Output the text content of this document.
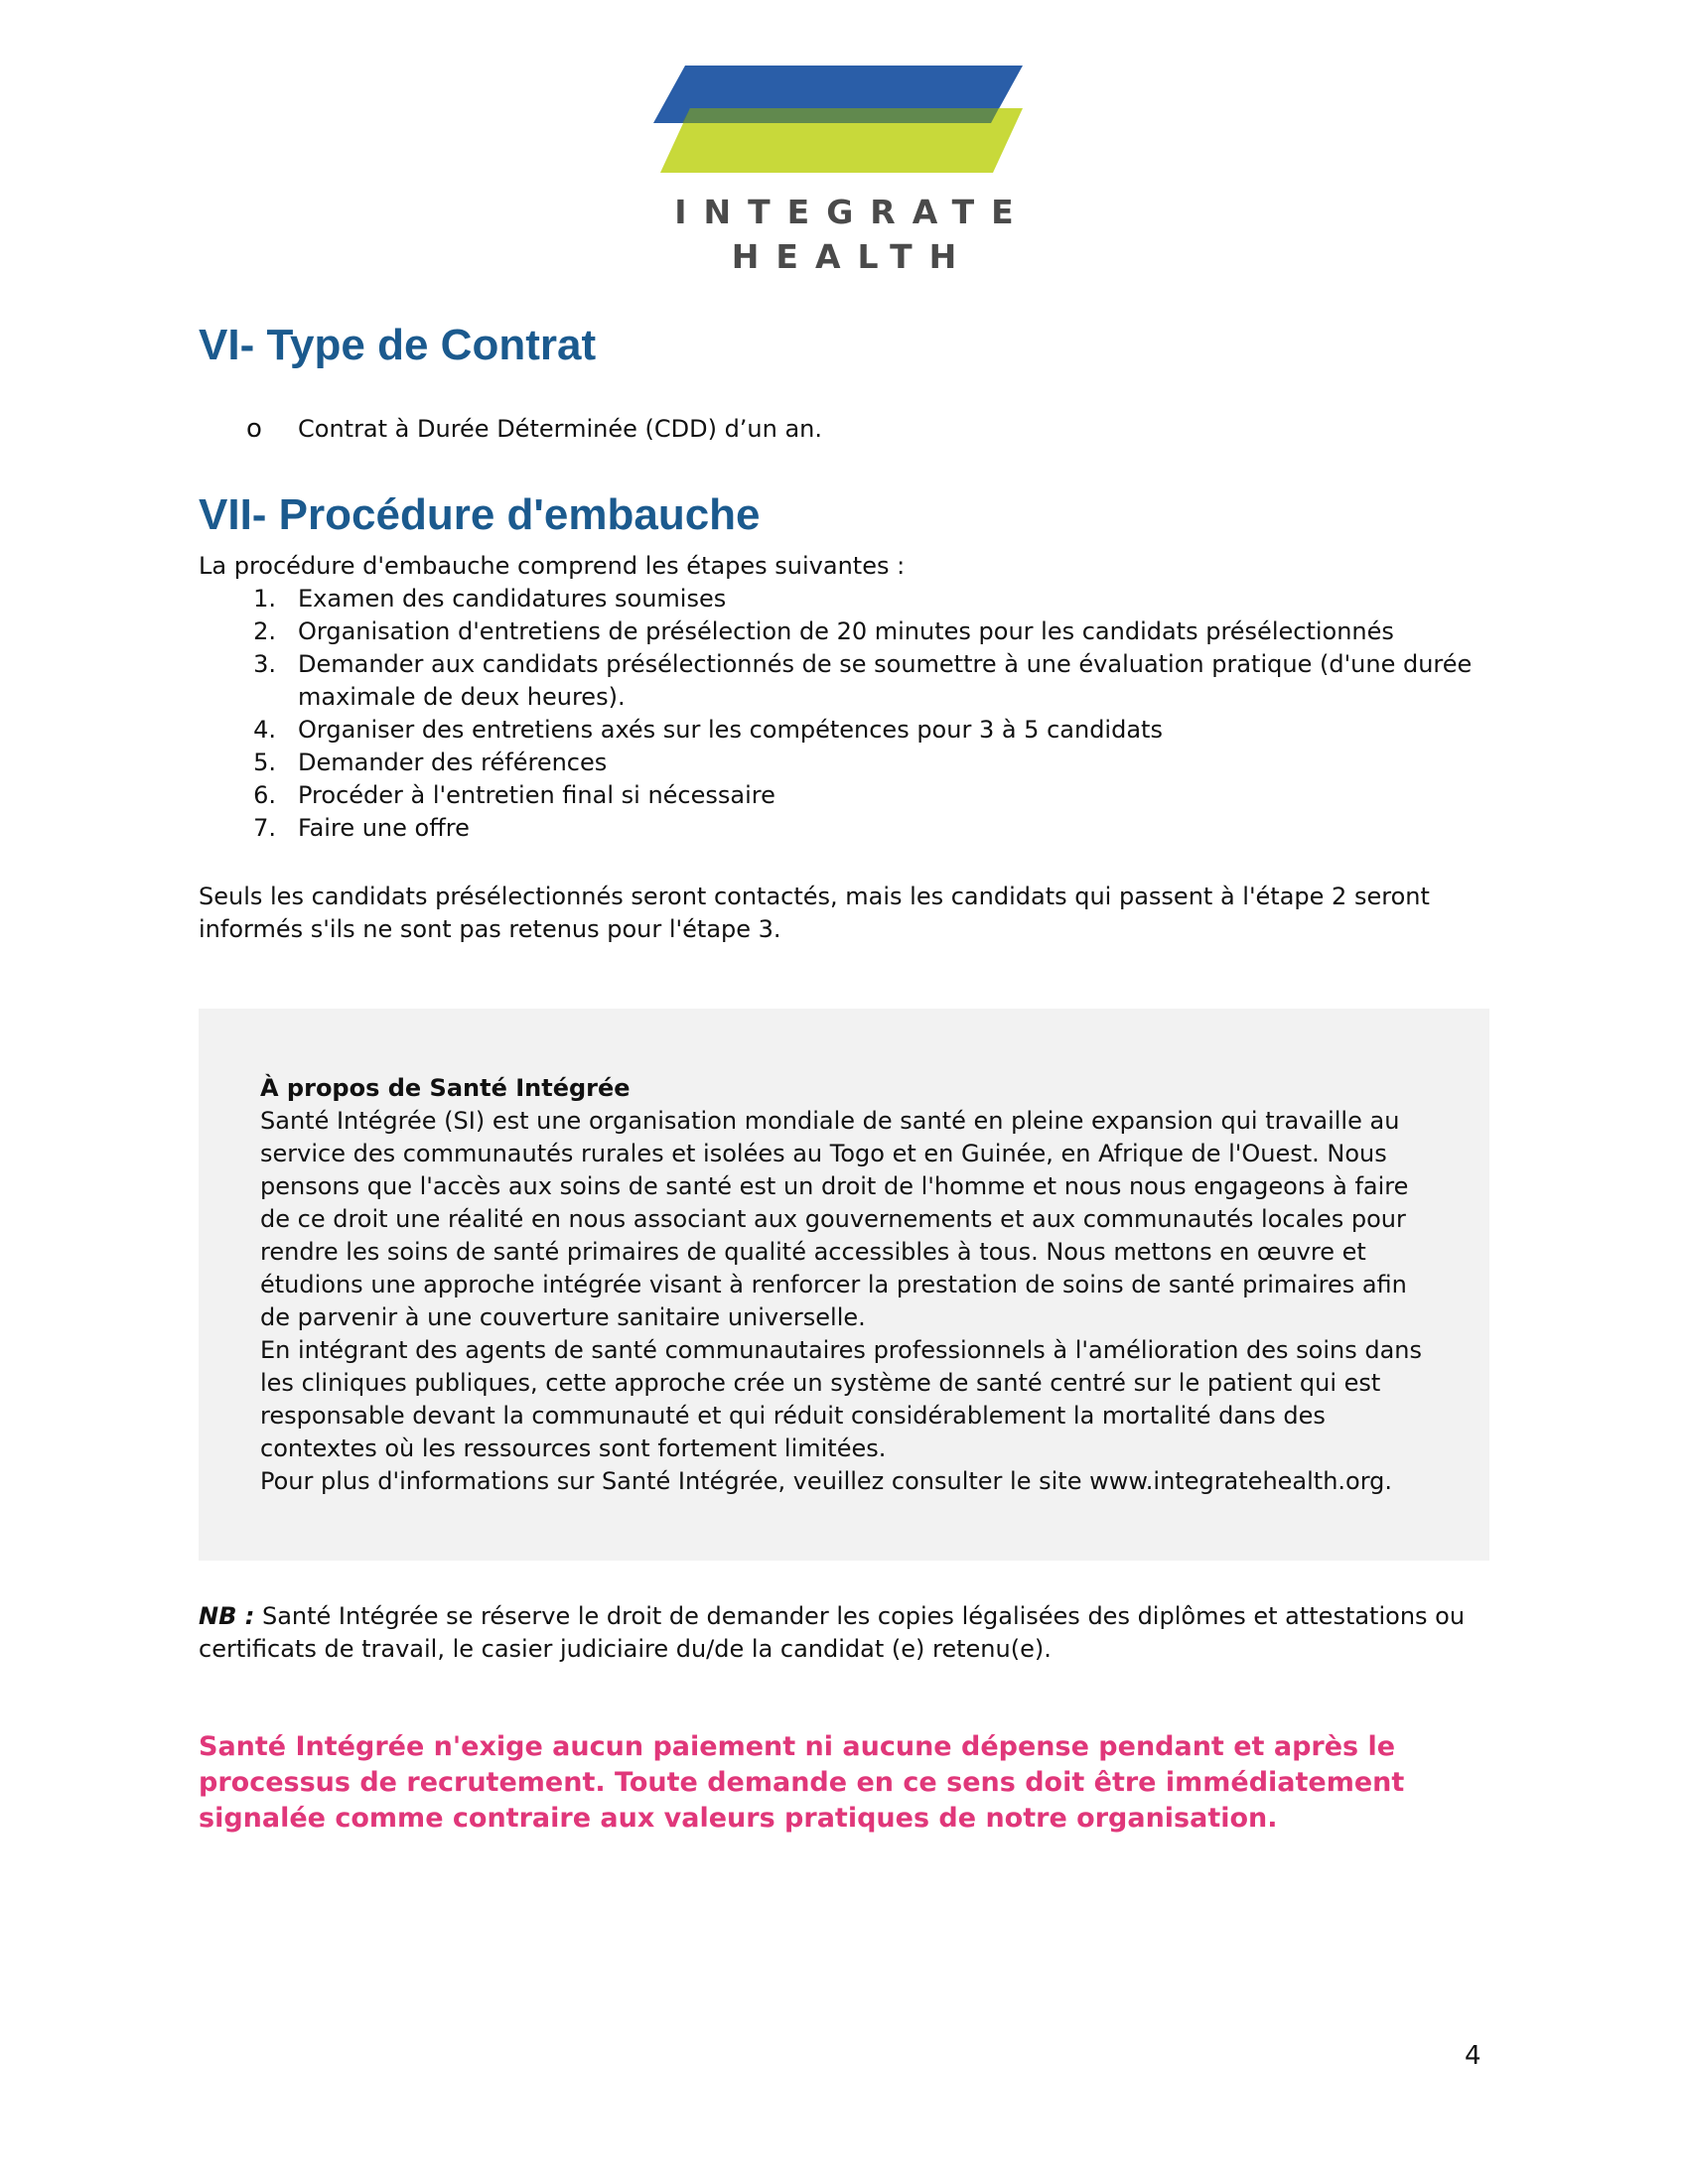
INTEGRATE
HEALTH
VI- Type de Contrat
o Contrat à Durée Déterminée (CDD) d’un an.
VII- Procédure d'embauche
La procédure d'embauche comprend les étapes suivantes :
1. Examen des candidatures soumises
2. Organisation d'entretiens de présélection de 20 minutes pour les candidats présélectionnés
3. Demander aux candidats présélectionnés de se soumettre à une évaluation pratique (d'une durée maximale de deux heures).
4. Organiser des entretiens axés sur les compétences pour 3 à 5 candidats
5. Demander des références
6. Procéder à l'entretien final si nécessaire
7. Faire une offre
Seuls les candidats présélectionnés seront contactés, mais les candidats qui passent à l'étape 2 seront informés s'ils ne sont pas retenus pour l'étape 3.
À propos de Santé Intégrée
Santé Intégrée (SI) est une organisation mondiale de santé en pleine expansion qui travaille au service des communautés rurales et isolées au Togo et en Guinée, en Afrique de l'Ouest. Nous pensons que l'accès aux soins de santé est un droit de l'homme et nous nous engageons à faire de ce droit une réalité en nous associant aux gouvernements et aux communautés locales pour rendre les soins de santé primaires de qualité accessibles à tous. Nous mettons en œuvre et étudions une approche intégrée visant à renforcer la prestation de soins de santé primaires afin de parvenir à une couverture sanitaire universelle.
En intégrant des agents de santé communautaires professionnels à l'amélioration des soins dans les cliniques publiques, cette approche crée un système de santé centré sur le patient qui est responsable devant la communauté et qui réduit considérablement la mortalité dans des contextes où les ressources sont fortement limitées.
Pour plus d'informations sur Santé Intégrée, veuillez consulter le site www.integratehealth.org.
NB : Santé Intégrée se réserve le droit de demander les copies légalisées des diplômes et attestations ou certificats de travail, le casier judiciaire du/de la candidat (e) retenu(e).
Santé Intégrée n'exige aucun paiement ni aucune dépense pendant et après le processus de recrutement. Toute demande en ce sens doit être immédiatement signalée comme contraire aux valeurs pratiques de notre organisation.
4
